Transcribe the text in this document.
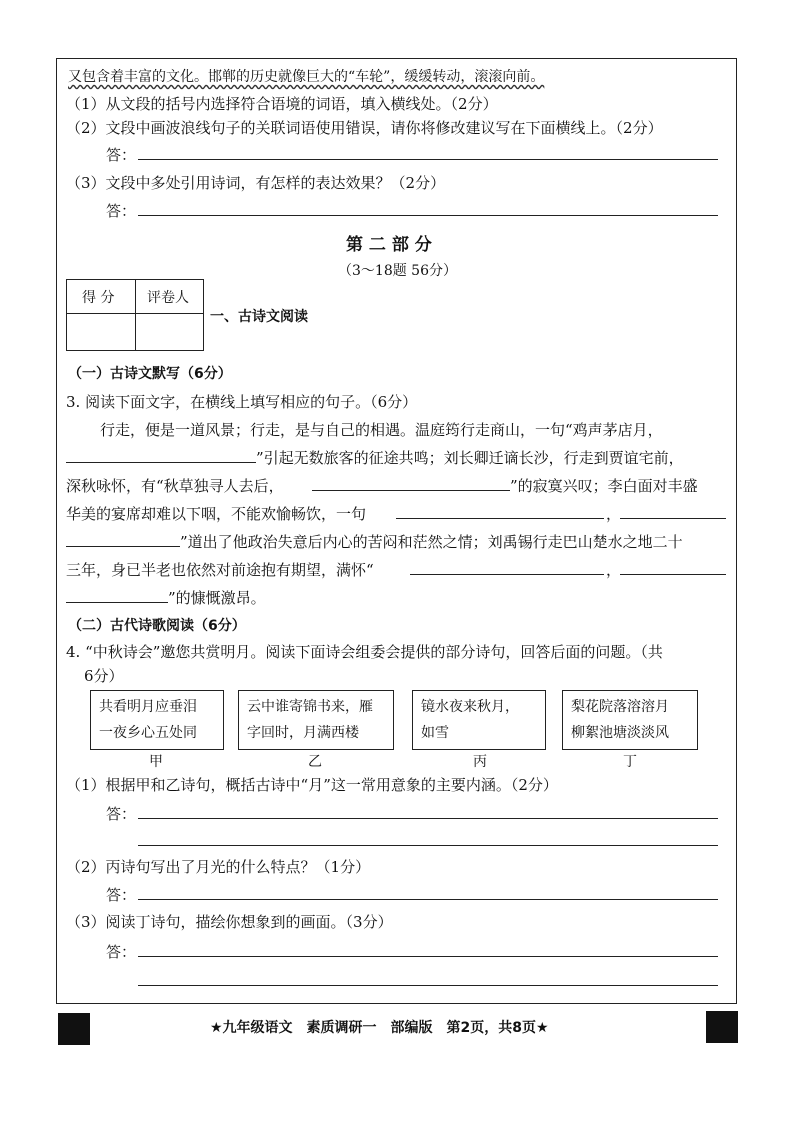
又包含着丰富的文化。邯郸的历史就像巨大的“车轮”，缓缓转动，滚滚向前。
（1）从文段的括号内选择符合语境的词语，填入横线处。（2分）
（2）文段中画波浪线句子的关联词语使用错误，请你将修改建议写在下面横线上。（2分）
答：
（3）文段中多处引用诗词，有怎样的表达效果？（2分）
答：
第 二 部 分
（3～18题 56分）
得 分 评卷人
一、古诗文阅读
（一）古诗文默写（6分）
3. 阅读下面文字，在横线上填写相应的句子。（6分）
行走，便是一道风景；行走，是与自己的相遇。温庭筠行走商山，一句“鸡声茅店月，
”引起无数旅客的征途共鸣；刘长卿迁谪长沙，行走到贾谊宅前，
深秋咏怀，有“秋草独寻人去后，	”的寂寞兴叹；李白面对丰盛
华美的宴席却难以下咽，不能欢愉畅饮，一句	，
”道出了他政治失意后内心的苦闷和茫然之情；刘禹锡行走巴山楚水之地二十
三年，身已半老也依然对前途抱有期望，满怀“	，
”的慷慨激昂。
（二）古代诗歌阅读（6分）
4. “中秋诗会”邀您共赏明月。阅读下面诗会组委会提供的部分诗句，回答后面的问题。（共
6分）
共看明月应垂泪
一夜乡心五处同
云中谁寄锦书来，雁
字回时，月满西楼
镜水夜来秋月，
如雪
梨花院落溶溶月
柳絮池塘淡淡风
甲	乙	丙	丁
（1）根据甲和乙诗句，概括古诗中“月”这一常用意象的主要内涵。（2分）
答：
（2）丙诗句写出了月光的什么特点？（1分）
答：
（3）阅读丁诗句，描绘你想象到的画面。（3分）
答：
★九年级语文　素质调研一　部编版　第2页，共8页★
